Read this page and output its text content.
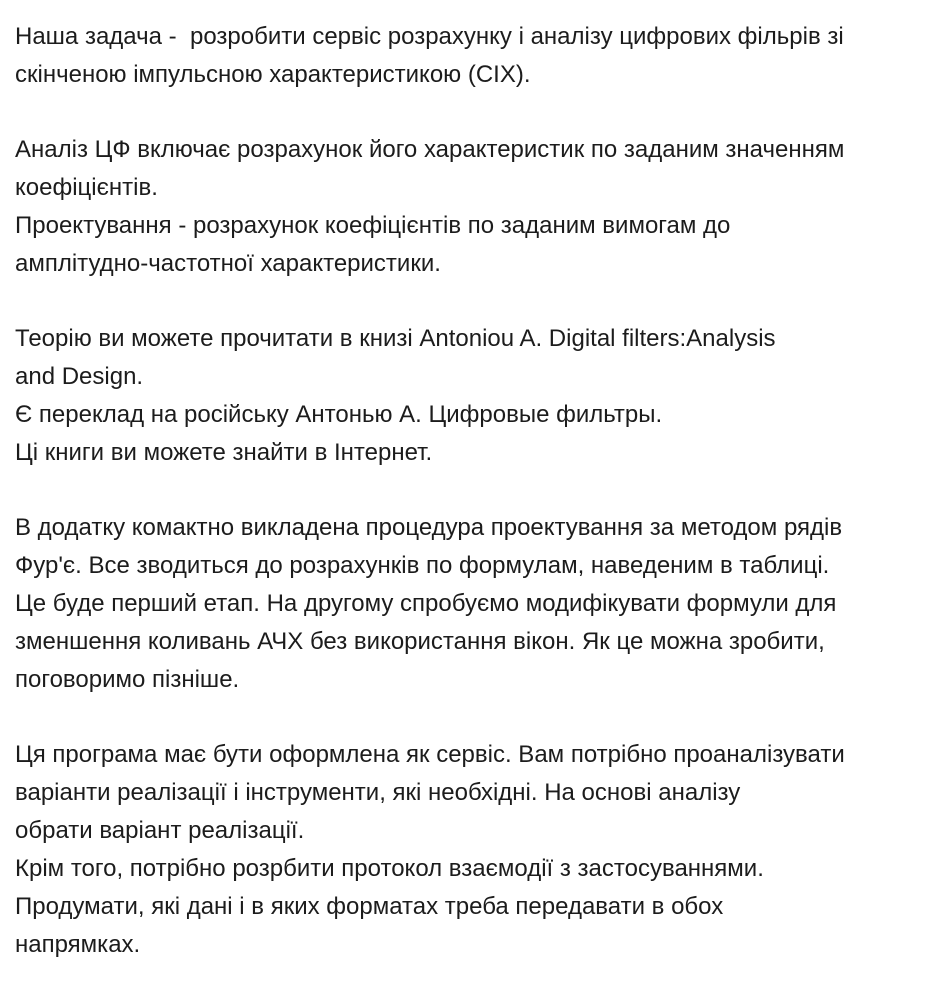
Наша задача -  розробити сервіс розрахунку і аналізу цифрових фільрів зі
скінченою імпульсною характеристикою (СІХ).
Аналіз ЦФ включає розрахунок його характеристик по заданим значенням
коефіцієнтів.
Проектування - розрахунок коефіцієнтів по заданим вимогам до
амплітудно-частотної характеристики.
Теорію ви можете прочитати в книзі Antoniou A. Digital filters:Analysis
and Design.
Є переклад на російську Антонью А. Цифровые фильтры.
Ці книги ви можете знайти в Інтернет.
В додатку комактно викладена процедура проектування за методом рядів
Фур'є. Все зводиться до розрахунків по формулам, наведеним в таблиці.
Це буде перший етап. На другому спробуємо модифікувати формули для
зменшення коливань АЧХ без використання вікон. Як це можна зробити,
поговоримо пізніше.
Ця програма має бути оформлена як сервіс. Вам потрібно проаналізувати
варіанти реалізації і інструменти, які необхідні. На основі аналізу
обрати варіант реалізації.
Крім того, потрібно розрбити протокол взаємодії з застосуваннями.
Продумати, які дані і в яких форматах треба передавати в обох
напрямках.
